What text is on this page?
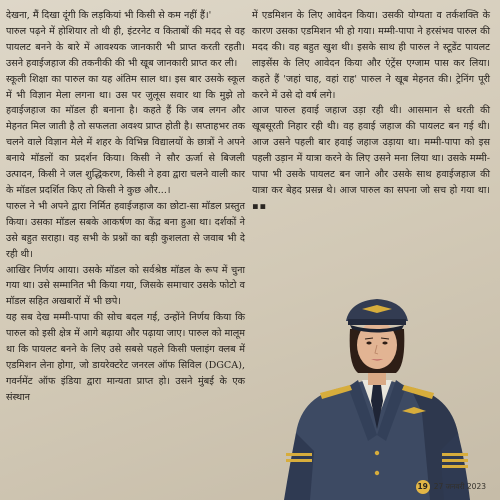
देखना, मैं दिखा दूंगी कि लड़कियां भी किसी से कम नहीं हैं।'

पारुल पढ़ने में होशियार तो थी ही, इंटरनेट व किताबों की मदद से वह पायलट बनने के बारे में आवश्यक जानकारी भी प्राप्त करती रहती। उसने हवाईजहाज की तकनीकी की भी खूब जानकारी प्राप्त कर ली।

स्कूली शिक्षा का पारुल का यह अंतिम साल था। इस बार उसके स्कूल में भी विज्ञान मेला लगना था। उस पर जुलूस सवार था कि मुझे तो हवाईजहाज का मॉडल ही बनाना है। कहते हैं कि जब लगन और मेहनत मिल जाती है तो सफलता अवश्य प्राप्त होती है। सप्ताहभर तक चलने वाले विज्ञान मेले में शहर के विभिन्न विद्यालयों के छात्रों ने अपने बनाये मॉडलों का प्रदर्शन किया। किसी ने सौर ऊर्जा से बिजली उत्पादन, किसी ने जल शुद्धिकरण, किसी ने हवा द्वारा चलने वाली कार के मॉडल प्रदर्शित किए तो किसी ने कुछ और...।

पारुल ने भी अपने द्वारा निर्मित हवाईजहाज का छोटा-सा मॉडल प्रस्तुत किया। उसका मॉडल सबके आकर्षण का केंद्र बना हुआ था। दर्शकों ने उसे बहुत सराहा। वह सभी के प्रश्नों का बड़ी कुशलता से जवाब भी दे रही थी।

आखिर निर्णय आया। उसके मॉडल को सर्वश्रेष्ठ मॉडल के रूप में चुना गया था। उसे सम्मानित भी किया गया, जिसके समाचार उसके फोटो व मॉडल सहित अखबारों में भी छपे।

यह सब देख मम्मी-पापा की सोच बदल गई, उन्होंने निर्णय किया कि पारुल को इसी क्षेत्र में आगे बढ़ाया और पढ़ाया जाए। पारुल को मालूम था कि पायलट बनने के लिए उसे सबसे पहले किसी फ्लाइंग क्लब में एडमिशन लेना होगा, जो डायरेक्टरेट जनरल ऑफ सिविल (DGCA), गवर्नमेंट ऑफ इंडिया द्वारा मान्यता प्राप्त हो। उसने मुंबई के एक संस्थान

में एडमिशन के लिए आवेदन किया। उसकी योग्यता व तर्कशक्ति के कारण उसका एडमिशन भी हो गया। मम्मी-पापा ने हरसंभव पारुल की मदद की। वह बहुत खुश थी। इसके साथ ही पारुल ने स्टूडेंट पायलट लाइसेंस के लिए आवेदन किया और एंट्रेंस एग्जाम पास कर लिया। कहते हैं 'जहां चाह, वहां राह' पारुल ने खूब मेहनत की। ट्रेनिंग पूरी करने में उसे दो वर्ष लगे।

आज पारुल हवाई जहाज उड़ा रही थी। आसमान से धरती की खूबसूरती निहार रही थी। वह हवाई जहाज की पायलट बन गई थी। आज उसने पहली बार हवाई जहाज उड़ाया था। मम्मी-पापा को इस पहली उड़ान में यात्रा करने के लिए उसने मना लिया था। उसके मम्मी-पापा भी उसके पायलट बन जाने और उसके साथ हवाईजहाज की यात्रा कर बेहद प्रसन्न थे। आज पारुल का सपना जो सच हो गया था। ▪▪

19 27 जनवरी 2023
